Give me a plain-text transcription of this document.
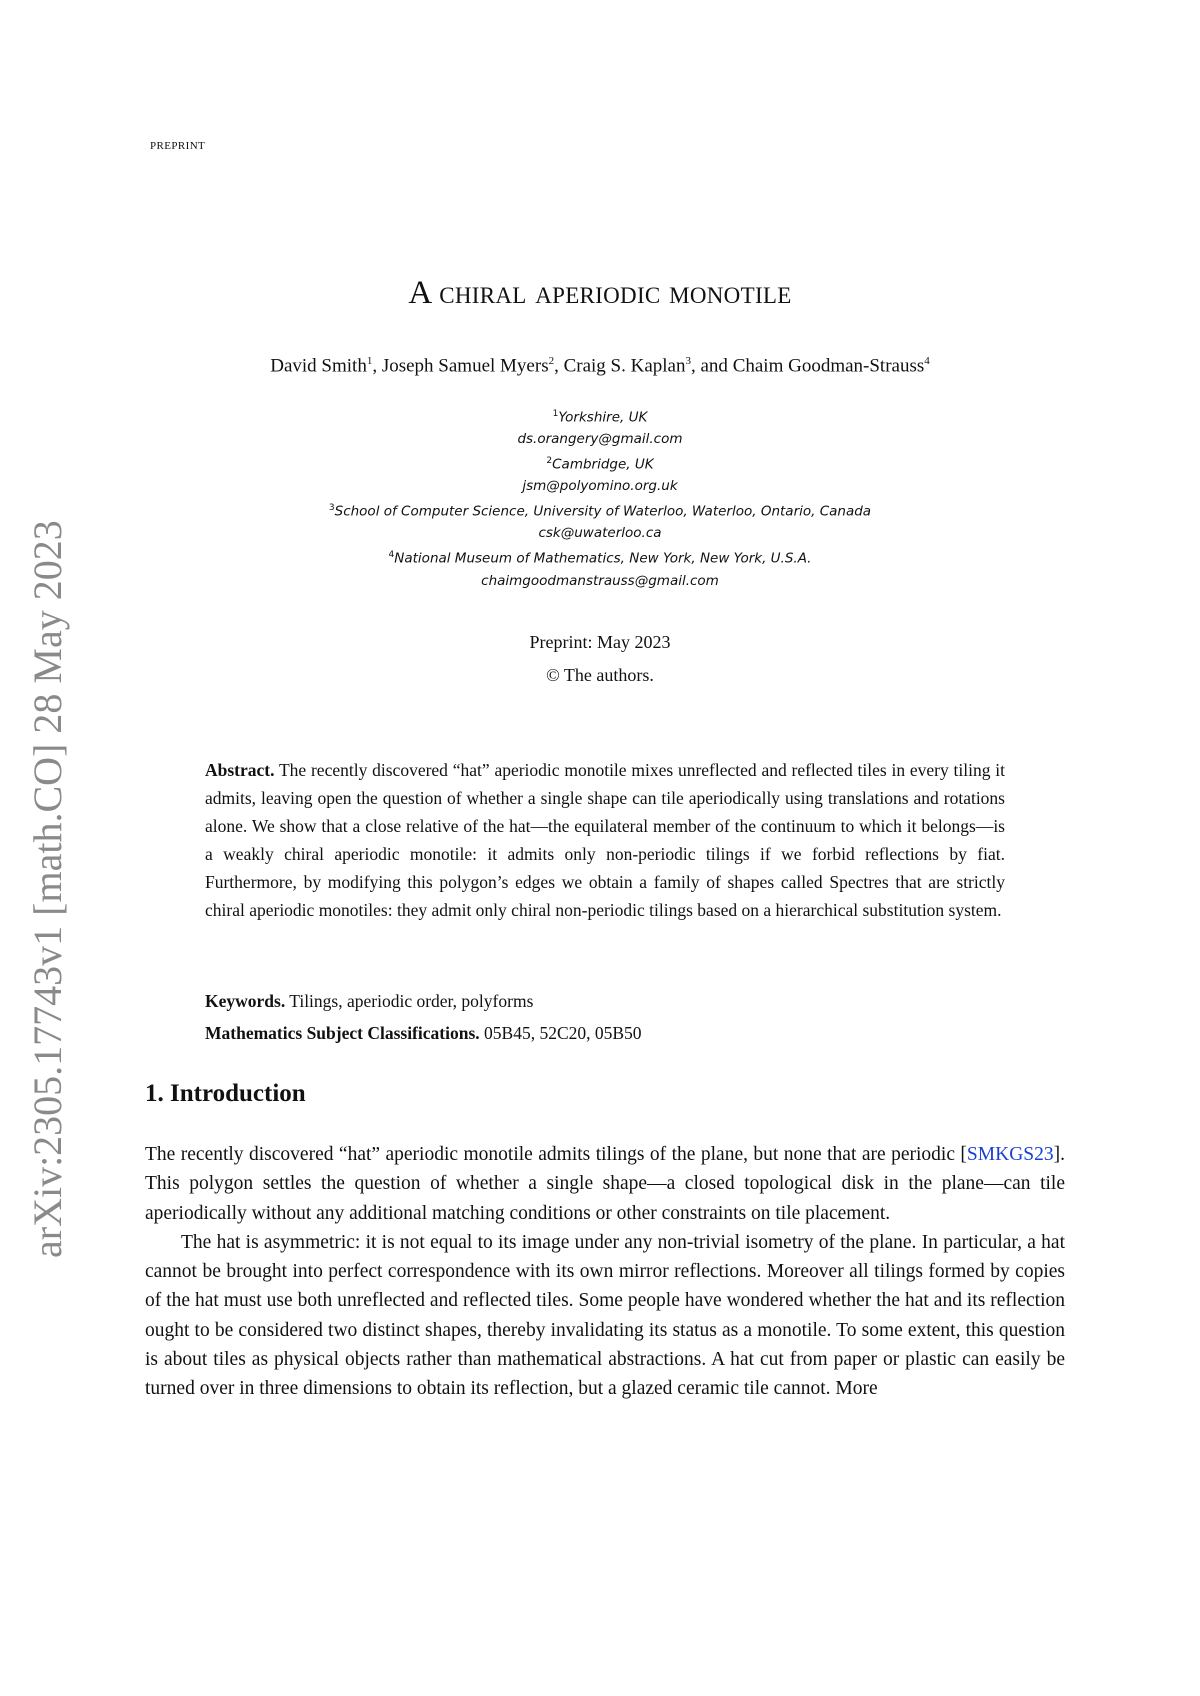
PREPRINT
arXiv:2305.17743v1 [math.CO] 28 May 2023
A chiral aperiodic monotile
David Smith$^1$, Joseph Samuel Myers$^2$, Craig S. Kaplan$^3$, and Chaim Goodman-Strauss$^4$
$^1$Yorkshire, UK
ds.orangery@gmail.com
$^2$Cambridge, UK
jsm@polyomino.org.uk
$^3$School of Computer Science, University of Waterloo, Waterloo, Ontario, Canada
csk@uwaterloo.ca
$^4$National Museum of Mathematics, New York, New York, U.S.A.
chaimgoodmanstrauss@gmail.com
Preprint: May 2023
© The authors.
Abstract. The recently discovered “hat” aperiodic monotile mixes unreflected and reflected tiles in every tiling it admits, leaving open the question of whether a single shape can tile aperiodically using translations and rotations alone. We show that a close relative of the hat—the equilateral member of the continuum to which it belongs—is a weakly chiral aperiodic monotile: it admits only non-periodic tilings if we forbid reflections by fiat. Furthermore, by modifying this polygon’s edges we obtain a family of shapes called Spectres that are strictly chiral aperiodic monotiles: they admit only chiral non-periodic tilings based on a hierarchical substitution system.
Keywords. Tilings, aperiodic order, polyforms
Mathematics Subject Classifications. 05B45, 52C20, 05B50
1. Introduction

The recently discovered “hat” aperiodic monotile admits tilings of the plane, but none that are periodic [SMKGS23]. This polygon settles the question of whether a single shape—a closed topological disk in the plane—can tile aperiodically without any additional matching conditions or other constraints on tile placement.

The hat is asymmetric: it is not equal to its image under any non-trivial isometry of the plane. In particular, a hat cannot be brought into perfect correspondence with its own mirror reflections. Moreover all tilings formed by copies of the hat must use both unreflected and reflected tiles. Some people have wondered whether the hat and its reflection ought to be considered two distinct shapes, thereby invalidating its status as a monotile. To some extent, this question is about tiles as physical objects rather than mathematical abstractions. A hat cut from paper or plastic can easily be turned over in three dimensions to obtain its reflection, but a glazed ceramic tile cannot. More
